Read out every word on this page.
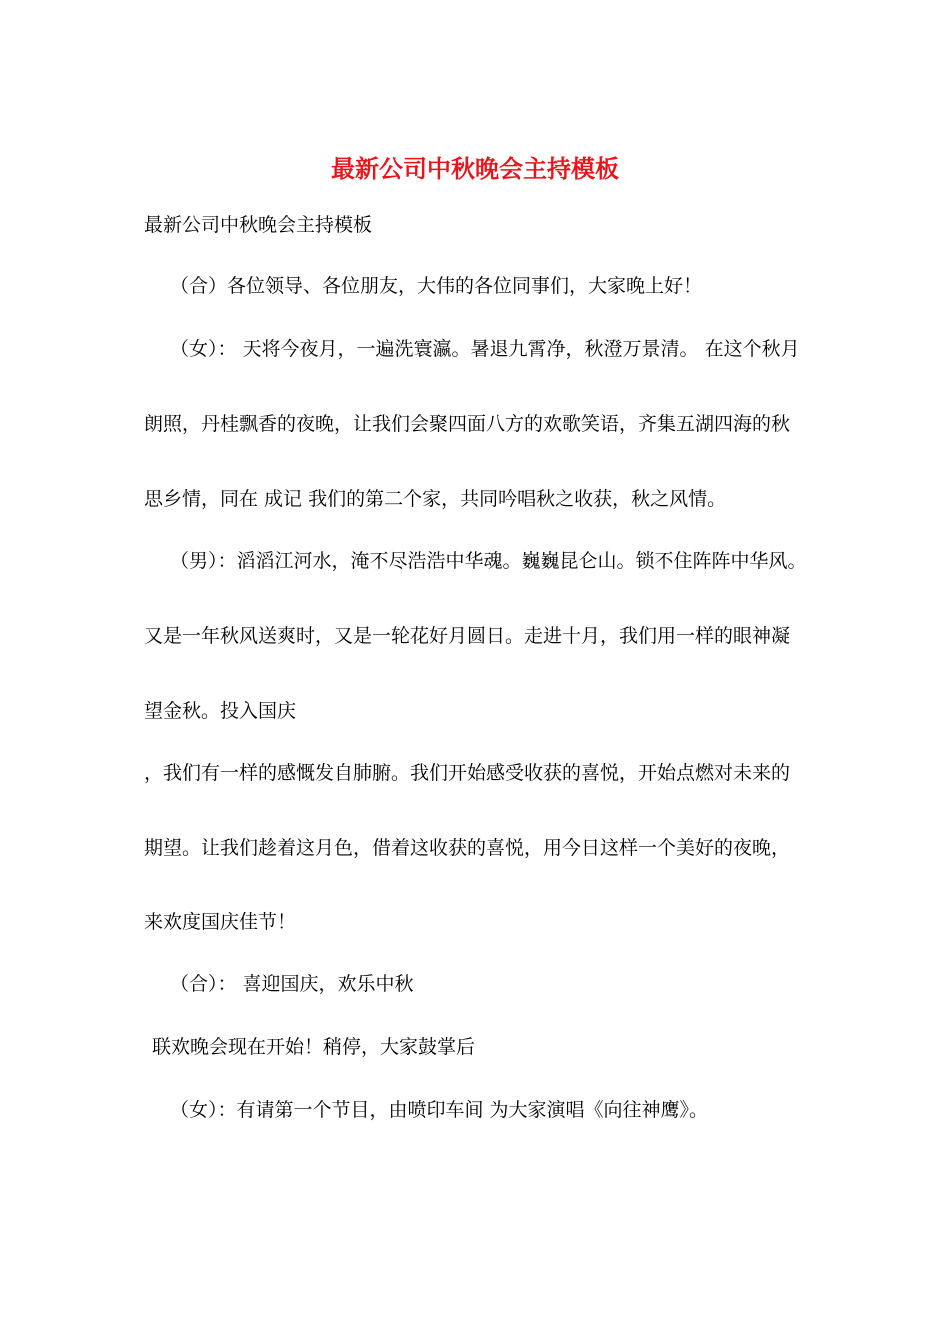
最新公司中秋晚会主持模板
最新公司中秋晚会主持模板
（合）各位领导、各位朋友，大伟的各位同事们，大家晚上好！
（女）： 天将今夜月，一遍洗寰瀛。暑退九霄净，秋澄万景清。 在这个秋月
朗照，丹桂飘香的夜晚，让我们会聚四面八方的欢歌笑语，齐集五湖四海的秋
思乡情，同在 成记 我们的第二个家，共同吟唱秋之收获，秋之风情。
（男）：滔滔江河水，淹不尽浩浩中华魂。巍巍昆仑山。锁不住阵阵中华风。
又是一年秋风送爽时，又是一轮花好月圆日。走进十月，我们用一样的眼神凝
望金秋。投入国庆
，我们有一样的感慨发自肺腑。我们开始感受收获的喜悦，开始点燃对未来的
期望。让我们趁着这月色，借着这收获的喜悦，用今日这样一个美好的夜晚，
来欢度国庆佳节！
（合）： 喜迎国庆，欢乐中秋
联欢晚会现在开始！稍停，大家鼓掌后
（女）：有请第一个节目，由喷印车间 为大家演唱《向往神鹰》。
